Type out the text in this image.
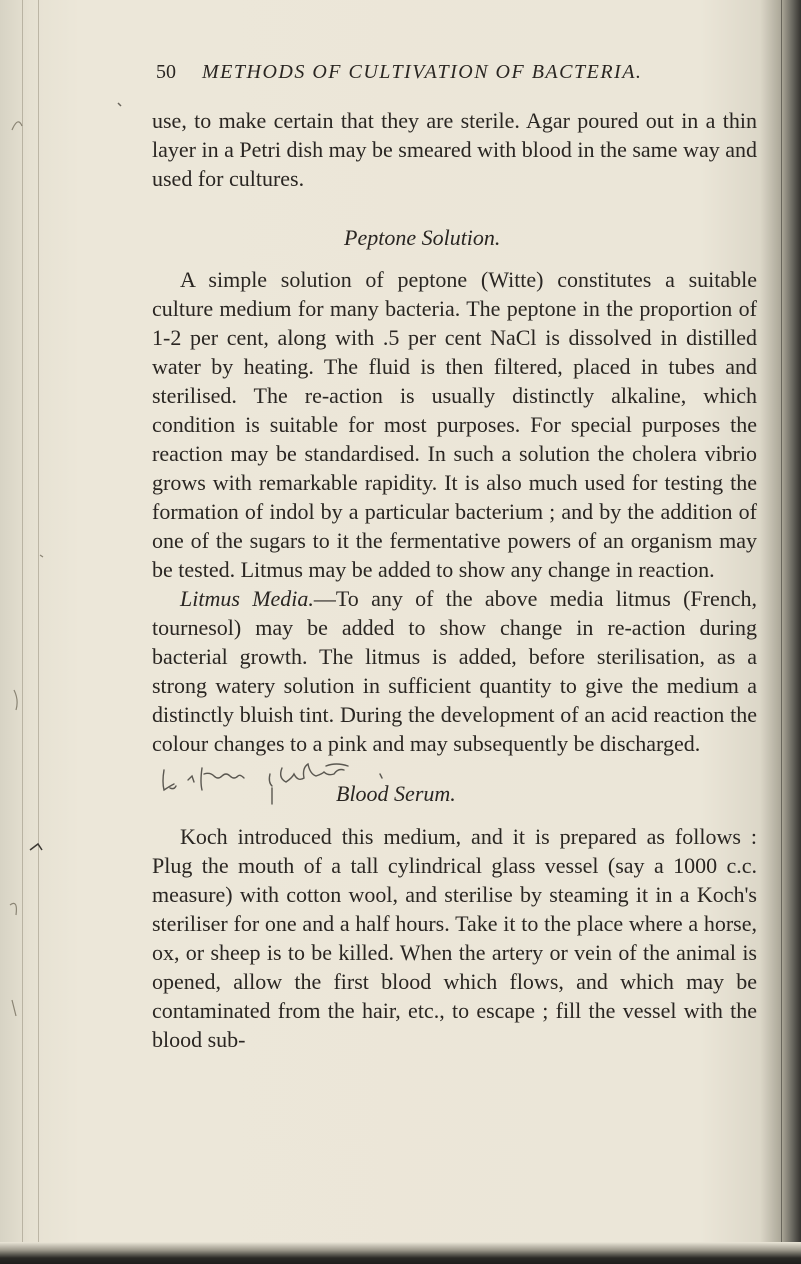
50 METHODS OF CULTIVATION OF BACTERIA.

use, to make certain that they are sterile. Agar poured out in a thin layer in a Petri dish may be smeared with blood in the same way and used for cultures.

Peptone Solution.

A simple solution of peptone (Witte) constitutes a suitable culture medium for many bacteria. The peptone in the proportion of 1-2 per cent, along with .5 per cent NaCl is dissolved in distilled water by heating. The fluid is then filtered, placed in tubes and sterilised. The re-action is usually distinctly alkaline, which condition is suitable for most purposes. For special purposes the reaction may be standardised. In such a solution the cholera vibrio grows with remarkable rapidity. It is also much used for testing the formation of indol by a particular bacterium ; and by the addition of one of the sugars to it the fermentative powers of an organism may be tested. Litmus may be added to show any change in reaction.

Litmus Media.—To any of the above media litmus (French, tournesol) may be added to show change in re-action during bacterial growth. The litmus is added, before sterilisation, as a strong watery solution in sufficient quantity to give the medium a distinctly bluish tint. During the development of an acid reaction the colour changes to a pink and may subsequently be discharged.

Blood Serum.

Koch introduced this medium, and it is prepared as follows : Plug the mouth of a tall cylindrical glass vessel (say a 1000 c.c. measure) with cotton wool, and sterilise by steaming it in a Koch's steriliser for one and a half hours. Take it to the place where a horse, ox, or sheep is to be killed. When the artery or vein of the animal is opened, allow the first blood which flows, and which may be contaminated from the hair, etc., to escape ; fill the vessel with the blood sub-
